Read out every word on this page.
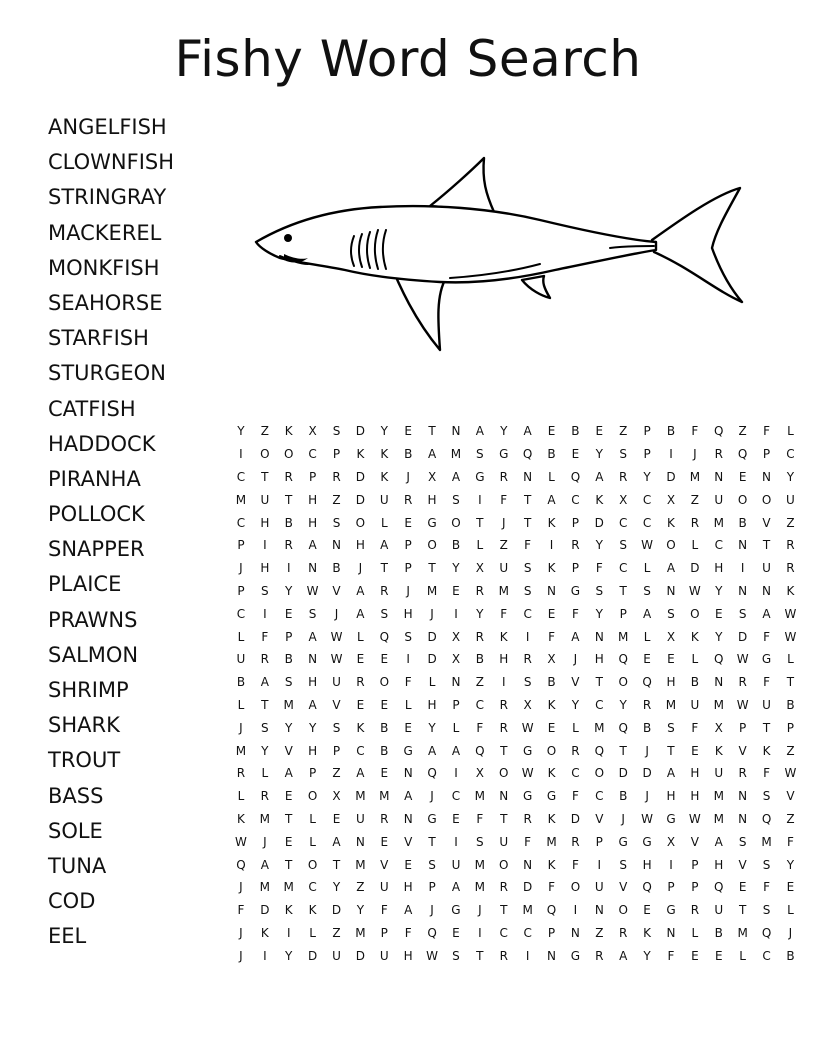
Fishy Word Search
ANGELFISH
CLOWNFISH
STRINGRAY
MACKEREL
MONKFISH
SEAHORSE
STARFISH
STURGEON
CATFISH
HADDOCK
PIRANHA
POLLOCK
SNAPPER
PLAICE
PRAWNS
SALMON
SHRIMP
SHARK
TROUT
BASS
SOLE
TUNA
COD
EEL
Y	Z	K	X	S	D	Y	E	T	N	A	Y	A	E	B	E	Z	P	B	F	Q	Z	F	L
I	O	O	C	P	K	K	B	A	M	S	G	Q	B	E	Y	S	P	I	J	R	Q	P	C
C	T	R	P	R	D	K	J	X	A	G	R	N	L	Q	A	R	Y	D	M	N	E	N	Y
M	U	T	H	Z	D	U	R	H	S	I	F	T	A	C	K	X	C	X	Z	U	O	O	U
C	H	B	H	S	O	L	E	G	O	T	J	T	K	P	D	C	C	K	R	M	B	V	Z
P	I	R	A	N	H	A	P	O	B	L	Z	F	I	R	Y	S	W	O	L	C	N	T	R
J	H	I	N	B	J	T	P	T	Y	X	U	S	K	P	F	C	L	A	D	H	I	U	R
P	S	Y	W	V	A	R	J	M	E	R	M	S	N	G	S	T	S	N	W	Y	N	N	K
C	I	E	S	J	A	S	H	J	I	Y	F	C	E	F	Y	P	A	S	O	E	S	A	W
L	F	P	A	W	L	Q	S	D	X	R	K	I	F	A	N	M	L	X	K	Y	D	F	W
U	R	B	N	W	E	E	I	D	X	B	H	R	X	J	H	Q	E	E	L	Q	W	G	L
B	A	S	H	U	R	O	F	L	N	Z	I	S	B	V	T	O	Q	H	B	N	R	F	T
L	T	M	A	V	E	E	L	H	P	C	R	X	K	Y	C	Y	R	M	U	M	W	U	B
J	S	Y	Y	S	K	B	E	Y	L	F	R	W	E	L	M	Q	B	S	F	X	P	T	P
M	Y	V	H	P	C	B	G	A	A	Q	T	G	O	R	Q	T	J	T	E	K	V	K	Z
R	L	A	P	Z	A	E	N	Q	I	X	O	W	K	C	O	D	D	A	H	U	R	F	W
L	R	E	O	X	M	M	A	J	C	M	N	G	G	F	C	B	J	H	H	M	N	S	V
K	M	T	L	E	U	R	N	G	E	F	T	R	K	D	V	J	W	G	W	M	N	Q	Z
W	J	E	L	A	N	E	V	T	I	S	U	F	M	R	P	G	G	X	V	A	S	M	F
Q	A	T	O	T	M	V	E	S	U	M	O	N	K	F	I	S	H	I	P	H	V	S	Y
J	M	M	C	Y	Z	U	H	P	A	M	R	D	F	O	U	V	Q	P	P	Q	E	F	E
F	D	K	K	D	Y	F	A	J	G	J	T	M	Q	I	N	O	E	G	R	U	T	S	L
J	K	I	L	Z	M	P	F	Q	E	I	C	C	P	N	Z	R	K	N	L	B	M	Q	J
J	I	Y	D	U	D	U	H	W	S	T	R	I	N	G	R	A	Y	F	E	E	L	C	B
